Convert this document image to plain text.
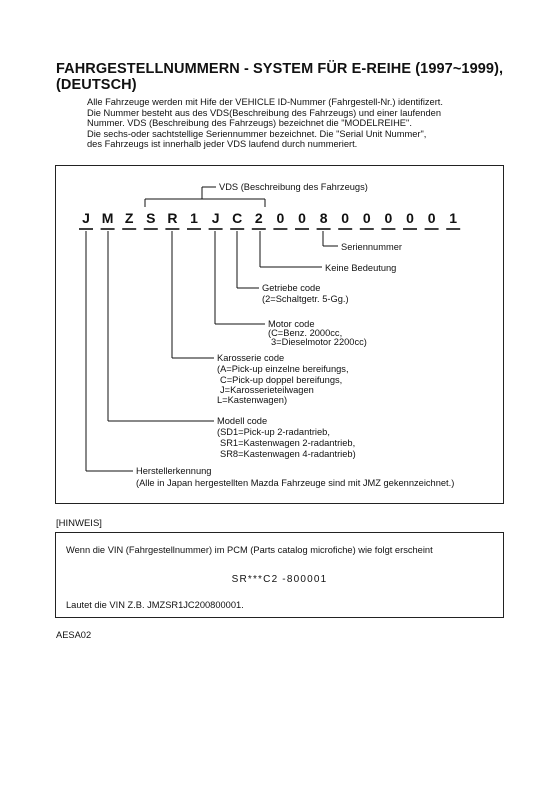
FAHRGESTELLNUMMERN - SYSTEM FÜR E-REIHE (1997~1999),
(DEUTSCH)
Alle Fahrzeuge werden mit Hife der VEHICLE ID-Nummer (Fahrgestell-Nr.) identifizert.
Die Nummer besteht aus des VDS(Beschreibung des Fahrzeugs) und einer laufenden
Nummer. VDS (Beschreibung des Fahrzeugs) bezeichnet die "MODELREIHE".
Die sechs-oder sachtstellige Seriennummer bezeichnet. Die "Serial Unit Nummer",
des Fahrzeugs ist innerhalb jeder VDS laufend durch nummeriert.
J M Z S R 1 J C 2 0 0 8 0 0 0 0 0 1
VDS (Beschreibung des Fahrzeugs)
Seriennummer
Keine Bedeutung
Getriebe code
(2=Schaltgetr. 5-Gg.)
Motor code
(C=Benz. 2000cc,
3=Dieselmotor 2200cc)
Karosserie code
(A=Pick-up einzelne bereifungs,
C=Pick-up doppel bereifungs,
J=Karosserieteilwagen
L=Kastenwagen)
Modell code
(SD1=Pick-up 2-radantrieb,
SR1=Kastenwagen 2-radantrieb,
SR8=Kastenwagen 4-radantrieb)
Herstellerkennung
(Alle in Japan hergestellten Mazda Fahrzeuge sind mit JMZ gekennzeichnet.)
[HINWEIS]
Wenn die VIN (Fahrgestellnummer) im PCM (Parts catalog microfiche) wie folgt erscheint
SR***C2 -800001
Lautet die VIN Z.B. JMZSR1JC200800001.
AESA02
